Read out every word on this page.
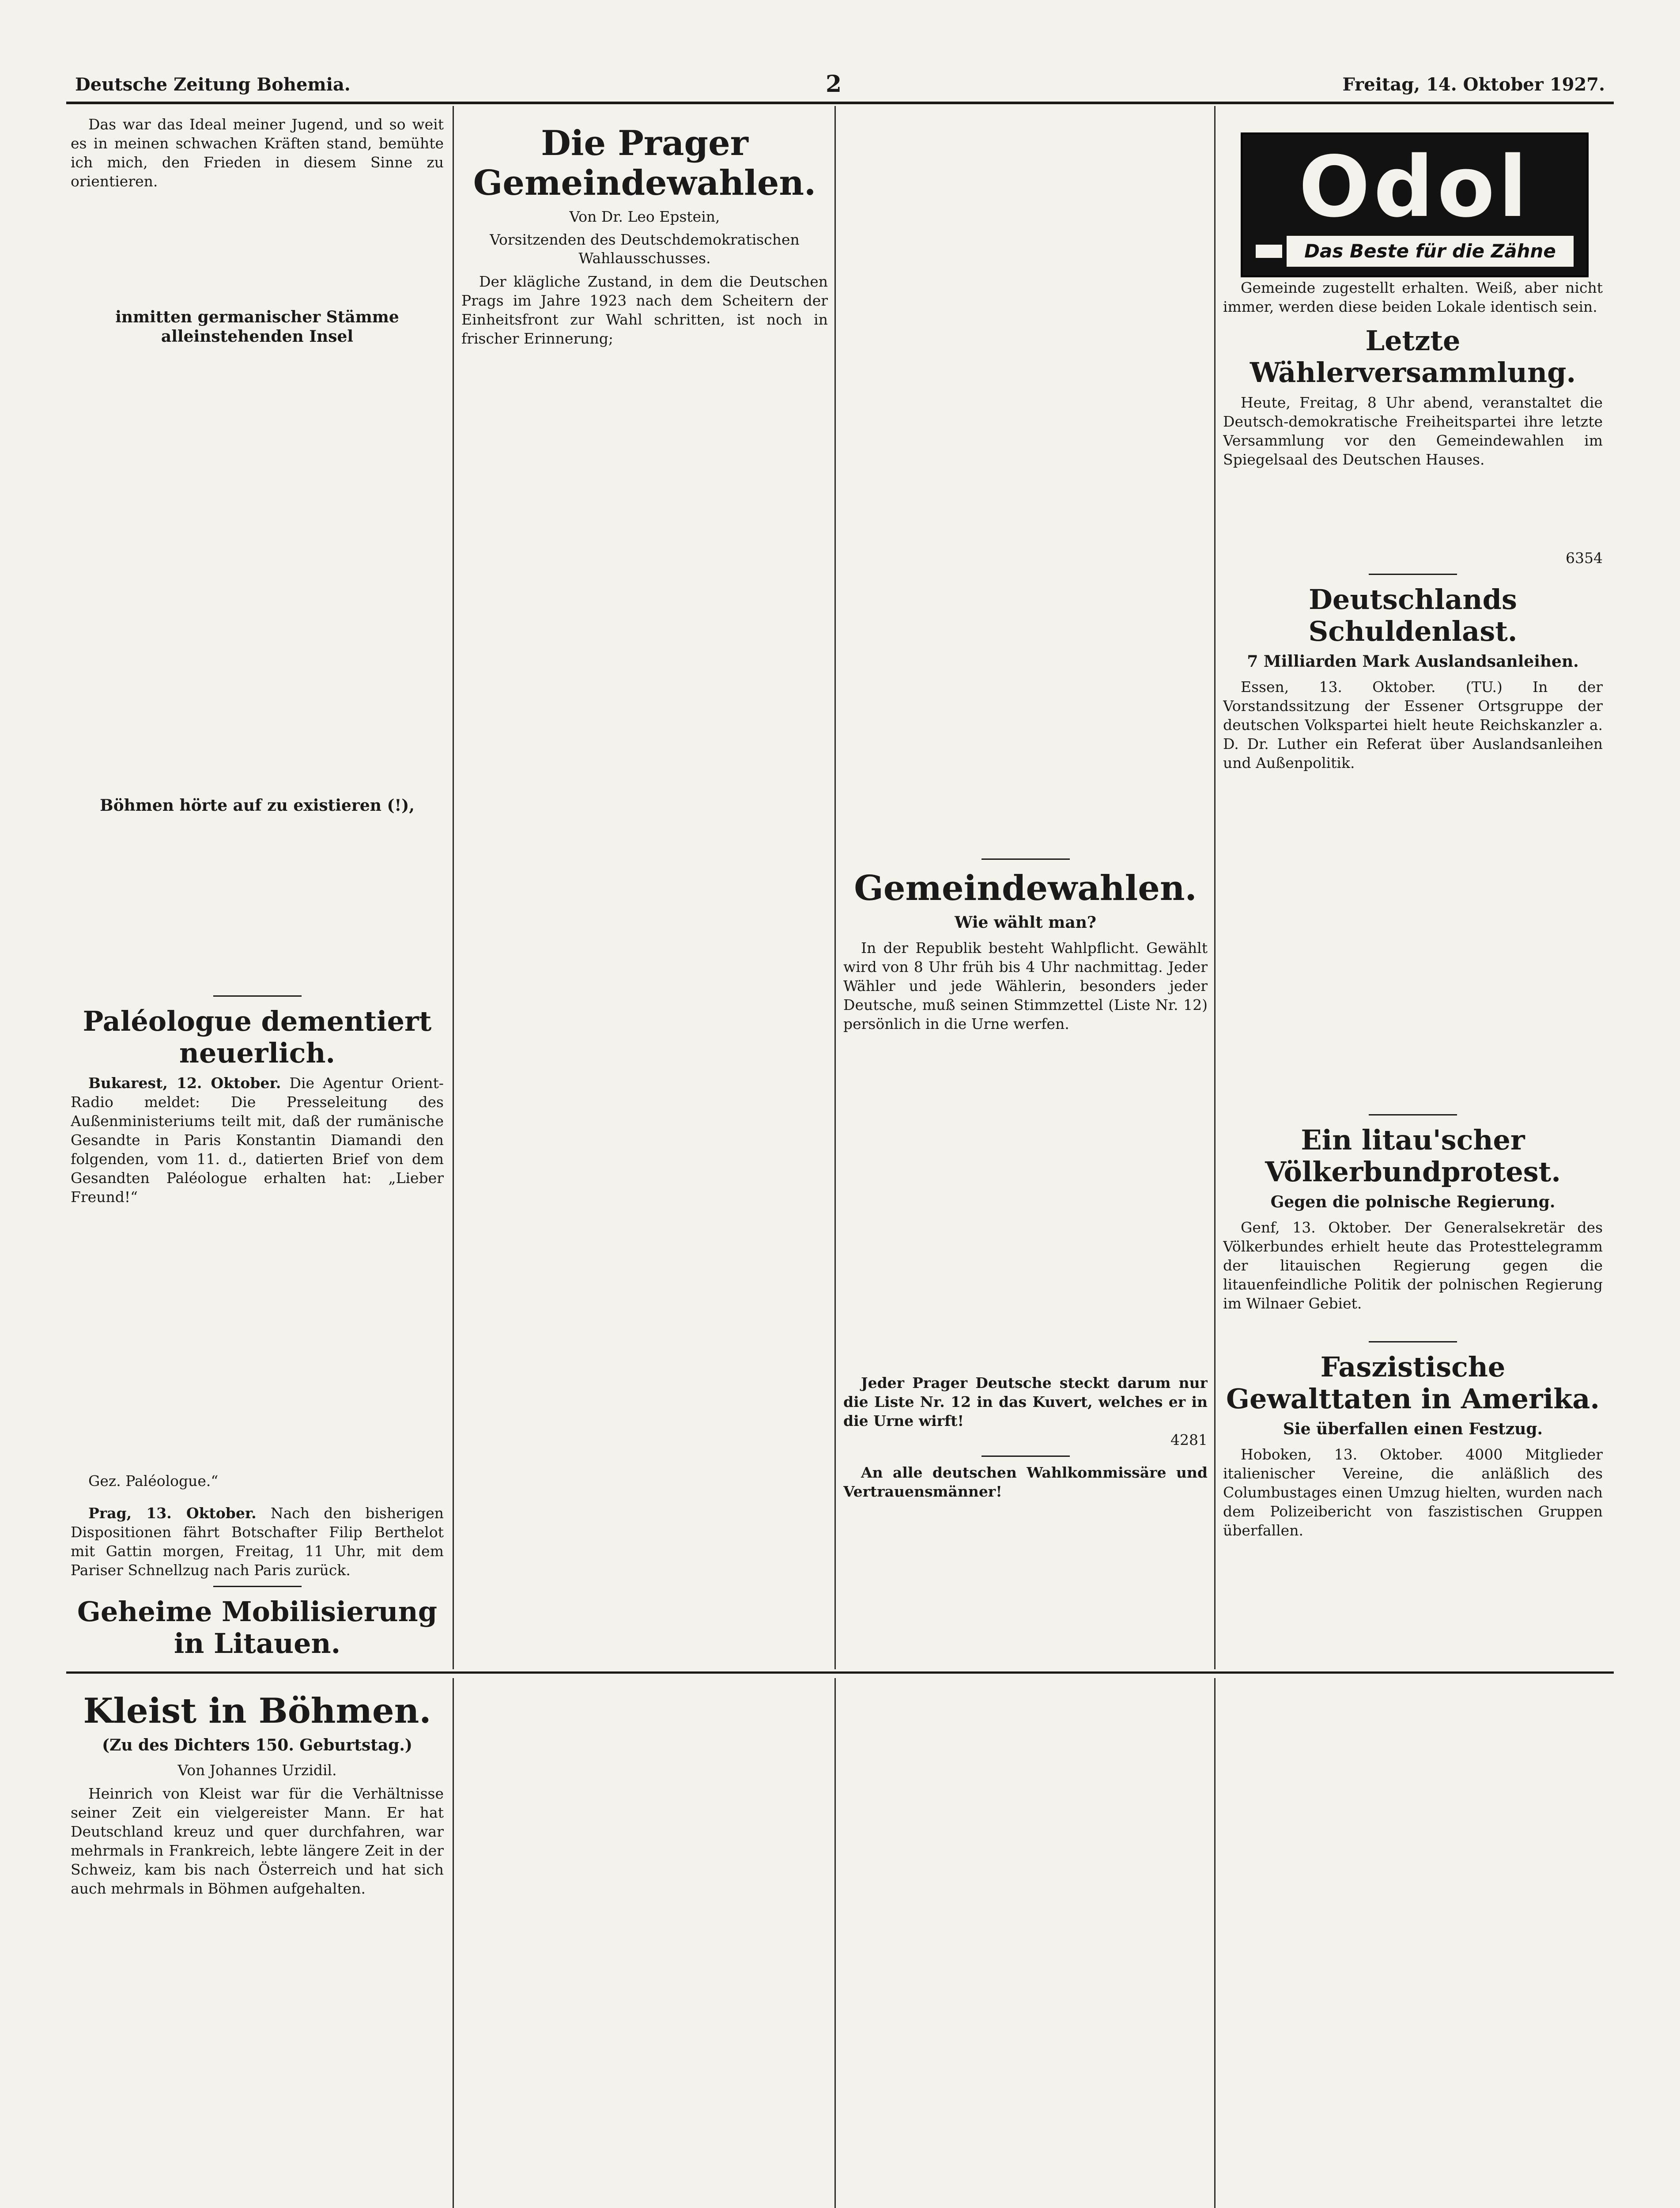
Deutsche Zeitung Bohemia.	2	Freitag, 14. Oktober 1927.

Das war das Ideal meiner Jugend, und so weit es in meinen schwachen Kräften stand, bemühte ich mich, den Frieden in diesem Sinne zu orientieren.

inmitten germanischer Stämme alleinstehenden Insel
Böhmen hörte auf zu existieren (!),
Paléologue dementiert neuerlich.

Bukarest, 12. Oktober. Die Agentur Orient-Radio meldet: Die Presseleitung des Außenministeriums teilt mit, daß der rumänische Gesandte in Paris Konstantin Diamandi den folgenden, vom 11. d., datierten Brief von dem Gesandten Paléologue erhalten hat: „Lieber Freund!“

Gez. Paléologue.“

Prag, 13. Oktober. Nach den bisherigen Dispositionen fährt Botschafter Filip Berthelot mit Gattin morgen, Freitag, 11 Uhr, mit dem Pariser Schnellzug nach Paris zurück.

Geheime Mobilisierung in Litauen.

Die Prager Gemeindewahlen.
Von Dr. Leo Epstein,
Vorsitzenden des Deutschdemokratischen Wahlausschusses.

Der klägliche Zustand, in dem die Deutschen Prags im Jahre 1923 nach dem Scheitern der Einheitsfront zur Wahl schritten, ist noch in frischer Erinnerung;

Gemeindewahlen.
Wie wählt man?

In der Republik besteht Wahlpflicht. Gewählt wird von 8 Uhr früh bis 4 Uhr nachmittag. Jeder Wähler und jede Wählerin, besonders jeder Deutsche, muß seinen Stimmzettel (Liste Nr. 12) persönlich in die Urne werfen.

Jeder Prager Deutsche steckt darum nur die Liste Nr. 12 in das Kuvert, welches er in die Urne wirft!

4281

An alle deutschen Wahlkommissäre und Vertrauensmänner!

Odol
Das Beste für die Zähne

Gemeinde zugestellt erhalten. Weiß, aber nicht immer, werden diese beiden Lokale identisch sein.

Letzte Wählerversammlung.

Heute, Freitag, 8 Uhr abend, veranstaltet die Deutsch-demokratische Freiheitspartei ihre letzte Versammlung vor den Gemeindewahlen im Spiegelsaal des Deutschen Hauses.

6354
Deutschlands Schuldenlast.
7 Milliarden Mark Auslandsanleihen.

Essen, 13. Oktober. (TU.) In der Vorstandssitzung der Essener Ortsgruppe der deutschen Volkspartei hielt heute Reichskanzler a. D. Dr. Luther ein Referat über Auslandsanleihen und Außenpolitik.

Ein litau'scher Völkerbundprotest.
Gegen die polnische Regierung.

Genf, 13. Oktober. Der Generalsekretär des Völkerbundes erhielt heute das Protesttelegramm der litauischen Regierung gegen die litauenfeindliche Politik der polnischen Regierung im Wilnaer Gebiet.

Faszistische Gewalttaten in Amerika.
Sie überfallen einen Festzug.

Hoboken, 13. Oktober. 4000 Mitglieder italienischer Vereine, die anläßlich des Columbustages einen Umzug hielten, wurden nach dem Polizeibericht von faszistischen Gruppen überfallen.

Kleist in Böhmen.
(Zu des Dichters 150. Geburtstag.)
Von Johannes Urzidil.

Heinrich von Kleist war für die Verhältnisse seiner Zeit ein vielgereister Mann. Er hat Deutschland kreuz und quer durchfahren, war mehrmals in Frankreich, lebte längere Zeit in der Schweiz, kam bis nach Österreich und hat sich auch mehrmals in Böhmen aufgehalten.
